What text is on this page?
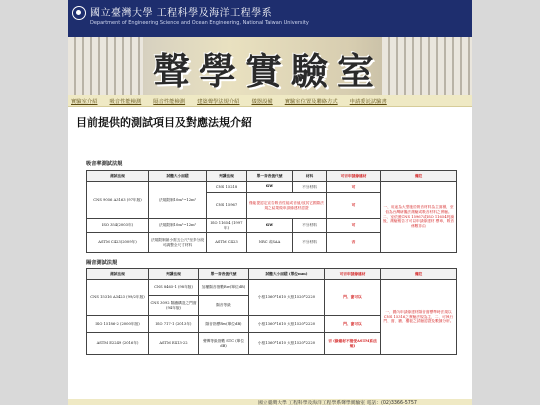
國立臺灣大學 工程科學及海洋工程學系
Department of Engineering Science and Ocean Engineering, National Taiwan University
聲學實驗室
實驗室介紹 吸音性能檢測 隔音性能檢測 建築聲學法規介紹 儀器設備 實驗室位置及聯絡方式 申請委託試驗書
目前提供的測試項目及對應法規介紹
吸音率測試法規
測試法規	試體大小面積	判讀法規	單一音表值代號	材料	可否申請綠建材	備註
CNS 9056 A3163 (97年版)	法規限制10m²~12m²	CNS 15218	αw	不分材料	可	一、用途為大型施於吸音材料為主面積，至佰為台灣研擬法測驗或吸音材料之實驗。二、室依照CNS 15967或ISO 11654判讀後，測驗報告才可以申請綠建材 標章，吸音係數非由
		CNS 15967	僅能提認定宣告吸音性能或音值/放其它國際法規之結果做申請綠建材認證		可	
ISO 354(2003年)	法規限制10m²~12m²	ISO 11654 (1997年)	αw	不分材料	可	
ASTM C423(2009年)	法規限制最小需五公尺²至多分段可調整全尺寸材料	ASTM C423	NRC 或SAA	不分材料	否	
隔音測試法規
測試法規	判讀法規	單一音表值代號	試體大小面積 (單位mm)	可否申請綠建材	備註
CNS 15316 A3423 (99/2年版)	CNS 8465-1 (98年版)	加權隔音指數Rw(單位dB)	小框1360*1610 大框1520*2220	門、窗可以	一、國內申請綠建材隔音窗標準時法規以CNS 15316之實驗法規為主，二、可執行門、窗、牆、樓板之試驗認證及數據分析。
	CNS 3092 隔牆構造之門窗 (94年版)	隔音等級			
ISO 15186-2 (2000年版)	ISO 717-1 (2013年)	隔音指標Rw(單位dB)	小框1360*1610 大框1520*2220	門、窗可以	
ASTM E2249 (2016年)	ASTM E413-22	聲傳等級指數 STC (單位dB)	小框1360*1610 大框1520*2220	否 (綠建材不接受ASTM系法規)	
國立臺灣大學 工程科學及海洋工程學系聲學實驗室 電話：(02)3366-5757
